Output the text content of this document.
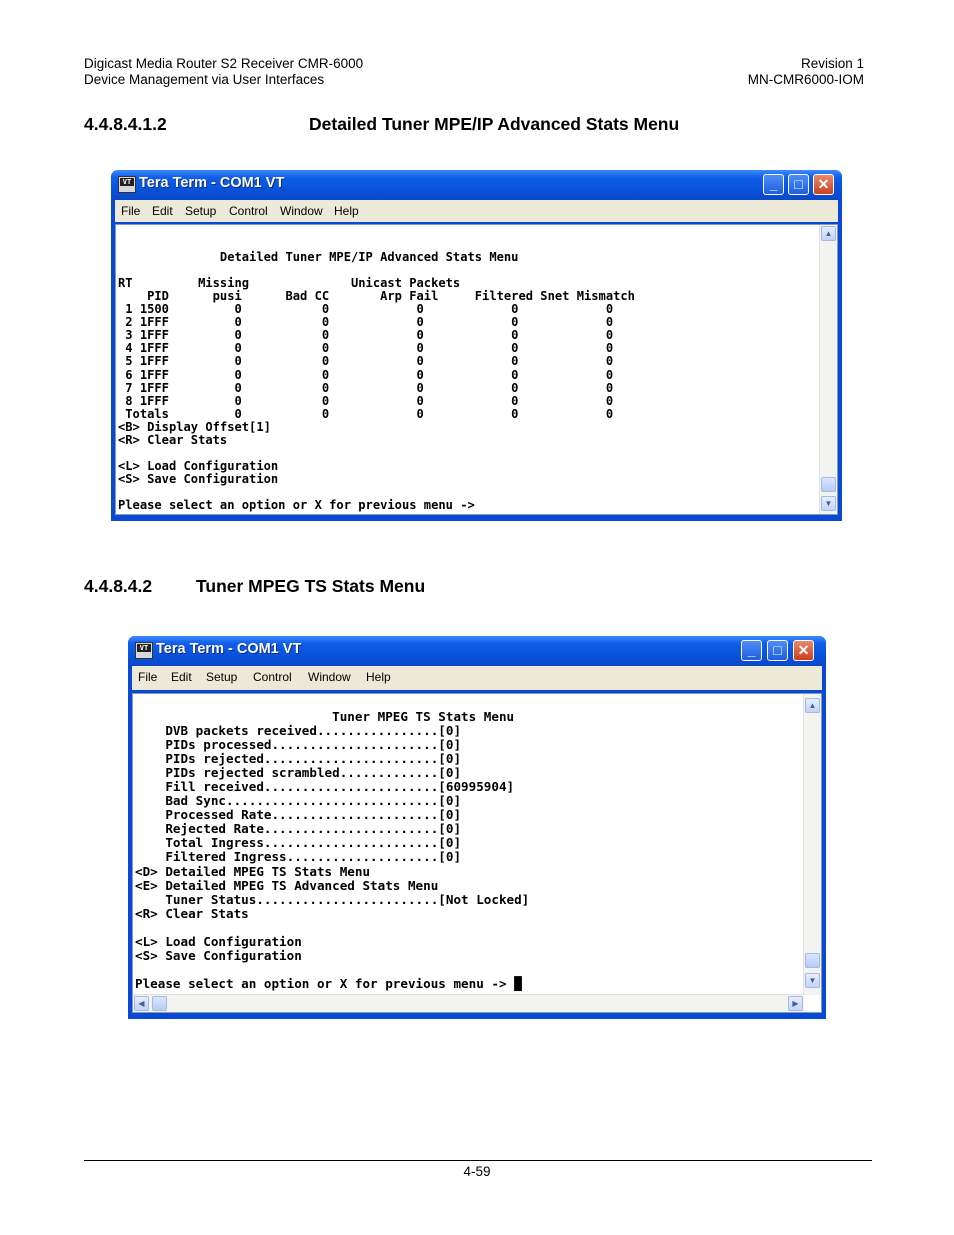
Digicast Media Router S2 Receiver CMR-6000
Device Management via User Interfaces
Revision 1
MN-CMR6000-IOM
4.4.8.4.1.2	Detailed Tuner MPE/IP Advanced Stats Menu
VT Tera Term - COM1 VT	_	□	✕
File Edit Setup Control Window Help

Detailed Tuner MPE/IP Advanced Stats Menu

RT         Missing              Unicast Packets
PID      pusi      Bad CC       Arp Fail     Filtered Snet Mismatch
1 1500         0           0            0            0            0
2 1FFF         0           0            0            0            0
3 1FFF         0           0            0            0            0
4 1FFF         0           0            0            0            0
5 1FFF         0           0            0            0            0
6 1FFF         0           0            0            0            0
7 1FFF         0           0            0            0            0
8 1FFF         0           0            0            0            0
Totals         0           0            0            0            0
<B> Display Offset[1]
<R> Clear Stats

<L> Load Configuration
<S> Save Configuration

Please select an option or X for previous menu ->
▲
▼
4.4.8.4.2	Tuner MPEG TS Stats Menu
VT Tera Term - COM1 VT	_	□	✕
File Edit Setup Control Window Help
Tuner MPEG TS Stats Menu
DVB packets received................[0]
PIDs processed......................[0]
PIDs rejected.......................[0]
PIDs rejected scrambled.............[0]
Fill received.......................[60995904]
Bad Sync............................[0]
Processed Rate......................[0]
Rejected Rate.......................[0]
Total Ingress.......................[0]
Filtered Ingress....................[0]
<D> Detailed MPEG TS Stats Menu
<E> Detailed MPEG TS Advanced Stats Menu
Tuner Status........................[Not Locked]
<R> Clear Stats

<L> Load Configuration
<S> Save Configuration

Please select an option or X for previous menu -> █
▲
▼
◀	▶
4-59
